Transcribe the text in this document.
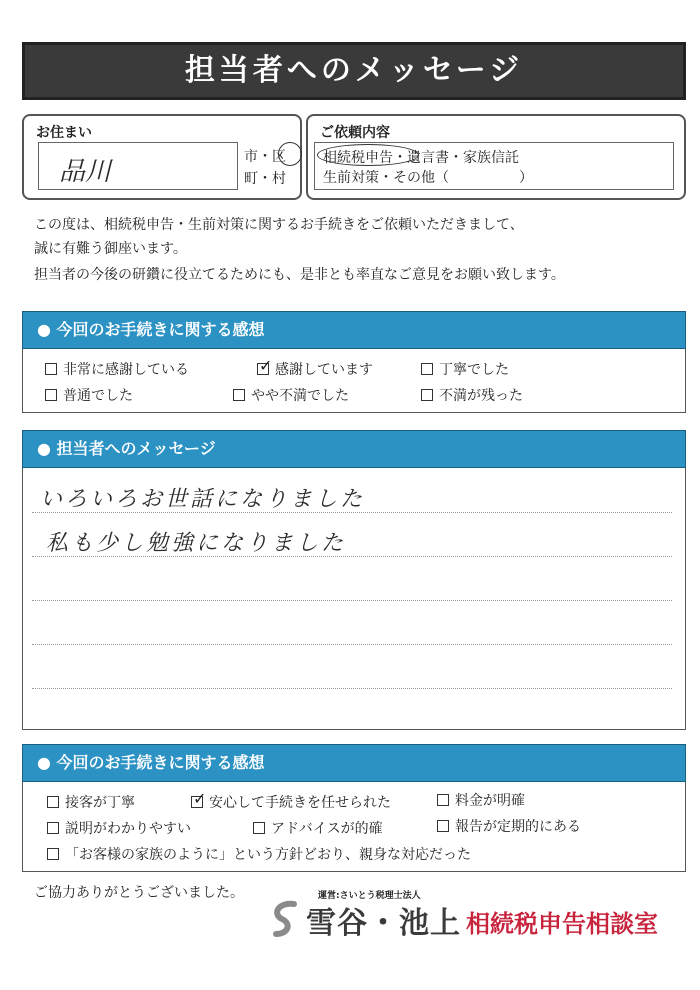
担当者へのメッセージ
お住まい
品川	市・区
町・村
ご依頼内容
相続税申告・遺言書・家族信託
生前対策・その他（　　　　　）
この度は、相続税申告・生前対策に関するお手続きをご依頼いただきまして、
誠に有難う御座います。
担当者の今後の研鑽に役立てるためにも、是非とも率直なご意見をお願い致します。
● 今回のお手続きに関する感想
非常に感謝している	✓ 感謝しています	丁寧でした
普通でした	やや不満でした	不満が残った
● 担当者へのメッセージ
いろいろお世話になりました
私も少し勉強になりました
● 今回のお手続きに関する感想
接客が丁寧	✓ 安心して手続きを任せられた	料金が明確
説明がわかりやすい	アドバイスが的確	報告が定期的にある
「お客様の家族のように」という方針どおり、親身な対応だった
ご協力ありがとうございました。	運営:さいとう税理士法人
雪谷・池上 相続税申告相談室
